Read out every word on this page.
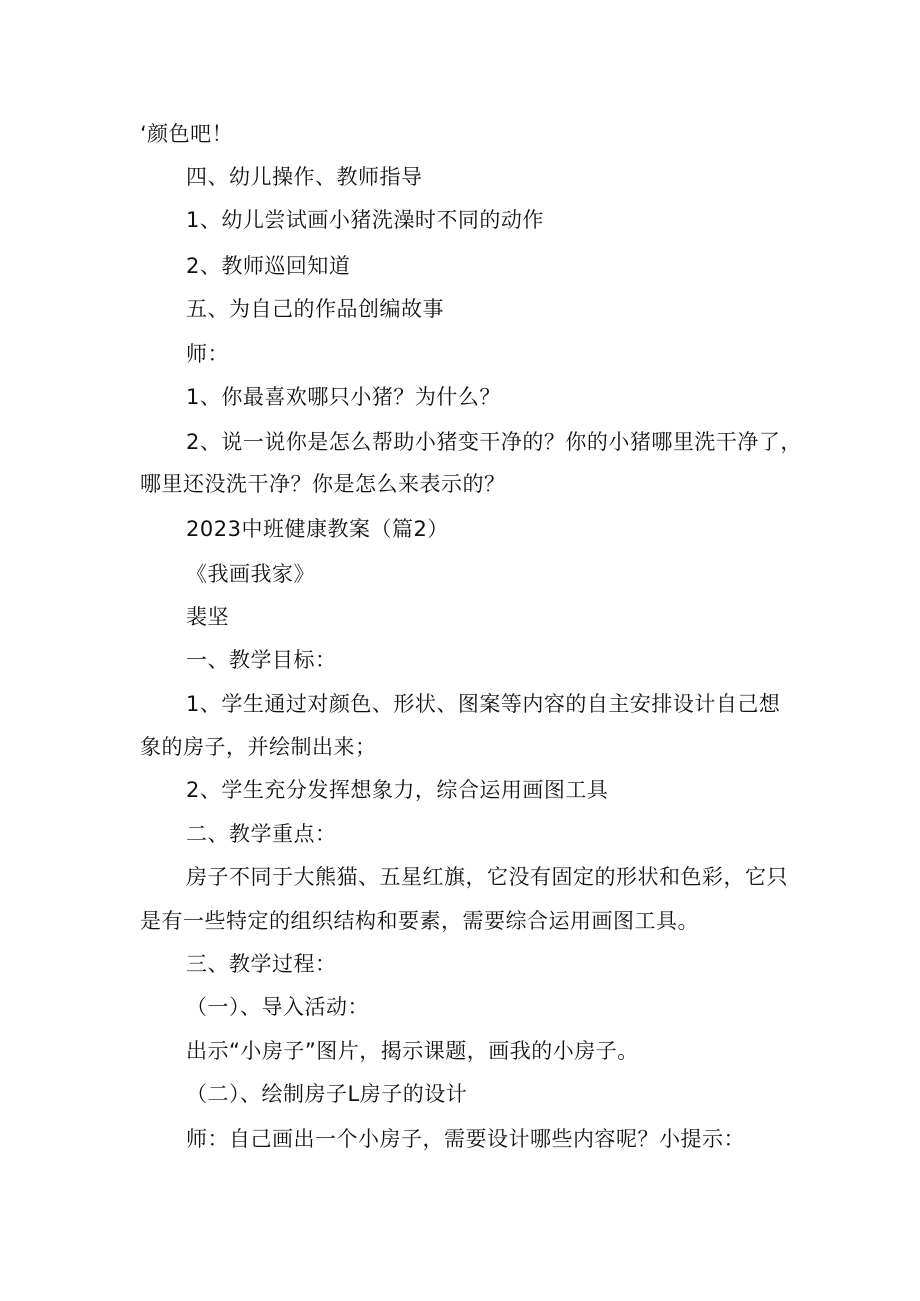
‘颜色吧！
四、幼儿操作、教师指导
1、幼儿尝试画小猪洗澡时不同的动作
2、教师巡回知道
五、为自己的作品创编故事
师：
1、你最喜欢哪只小猪？为什么？
2、说一说你是怎么帮助小猪变干净的？你的小猪哪里洗干净了，
哪里还没洗干净？你是怎么来表示的？
2023中班健康教案（篇2）
《我画我家》
裴坚
一、教学目标：
1、学生通过对颜色、形状、图案等内容的自主安排设计自己想
象的房子，并绘制出来；
2、学生充分发挥想象力，综合运用画图工具
二、教学重点：
房子不同于大熊猫、五星红旗，它没有固定的形状和色彩，它只
是有一些特定的组织结构和要素，需要综合运用画图工具。
三、教学过程：
（一）、导入活动：
出示“小房子”图片，揭示课题，画我的小房子。
（二）、绘制房子L房子的设计
师：自己画出一个小房子，需要设计哪些内容呢？小提示：
